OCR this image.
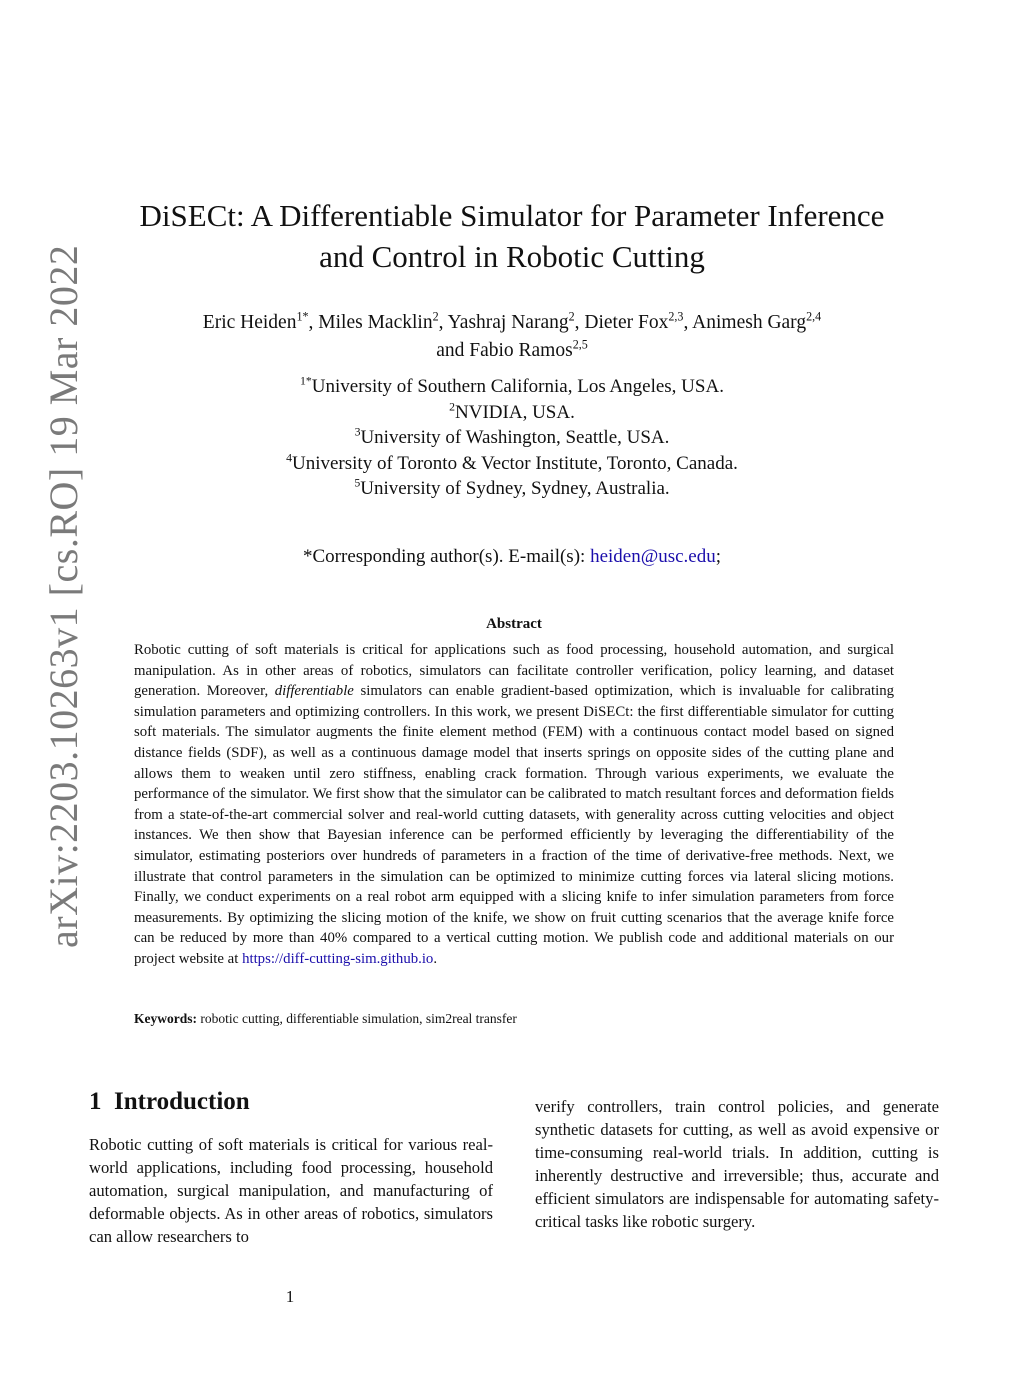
arXiv:2203.10263v1 [cs.RO] 19 Mar 2022
DiSECt: A Differentiable Simulator for Parameter Inference
and Control in Robotic Cutting
Eric Heiden$^{1*}$, Miles Macklin$^2$, Yashraj Narang$^2$, Dieter Fox$^{2,3}$, Animesh Garg$^{2,4}$
and Fabio Ramos$^{2,5}$
$^{1*}$University of Southern California, Los Angeles, USA.
$^2$NVIDIA, USA.
$^3$University of Washington, Seattle, USA.
$^4$University of Toronto & Vector Institute, Toronto, Canada.
$^5$University of Sydney, Sydney, Australia.
*Corresponding author(s). E-mail(s): heiden@usc.edu;
Abstract
Robotic cutting of soft materials is critical for applications such as food processing, household automation, and surgical manipulation. As in other areas of robotics, simulators can facilitate controller verification, policy learning, and dataset generation. Moreover, differentiable simulators can enable gradient-based optimization, which is invaluable for calibrating simulation parameters and optimizing controllers. In this work, we present DiSECt: the first differentiable simulator for cutting soft materials. The simulator augments the finite element method (FEM) with a continuous contact model based on signed distance fields (SDF), as well as a continuous damage model that inserts springs on opposite sides of the cutting plane and allows them to weaken until zero stiffness, enabling crack formation. Through various experiments, we evaluate the performance of the simulator. We first show that the simulator can be calibrated to match resultant forces and deformation fields from a state-of-the-art commercial solver and real-world cutting datasets, with generality across cutting velocities and object instances. We then show that Bayesian inference can be performed efficiently by leveraging the differentiability of the simulator, estimating posteriors over hundreds of parameters in a fraction of the time of derivative-free methods. Next, we illustrate that control parameters in the simulation can be optimized to minimize cutting forces via lateral slicing motions. Finally, we conduct experiments on a real robot arm equipped with a slicing knife to infer simulation parameters from force measurements. By optimizing the slicing motion of the knife, we show on fruit cutting scenarios that the average knife force can be reduced by more than 40% compared to a vertical cutting motion. We publish code and additional materials on our project website at https://diff-cutting-sim.github.io.
Keywords: robotic cutting, differentiable simulation, sim2real transfer
1 Introduction
Robotic cutting of soft materials is critical for various real-world applications, including food processing, household automation, surgical manipulation, and manufacturing of deformable objects. As in other areas of robotics, simulators can allow researchers to
verify controllers, train control policies, and generate synthetic datasets for cutting, as well as avoid expensive or time-consuming real-world trials. In addition, cutting is inherently destructive and irreversible; thus, accurate and efficient simulators are indispensable for automating safety-critical tasks like robotic surgery.
1
